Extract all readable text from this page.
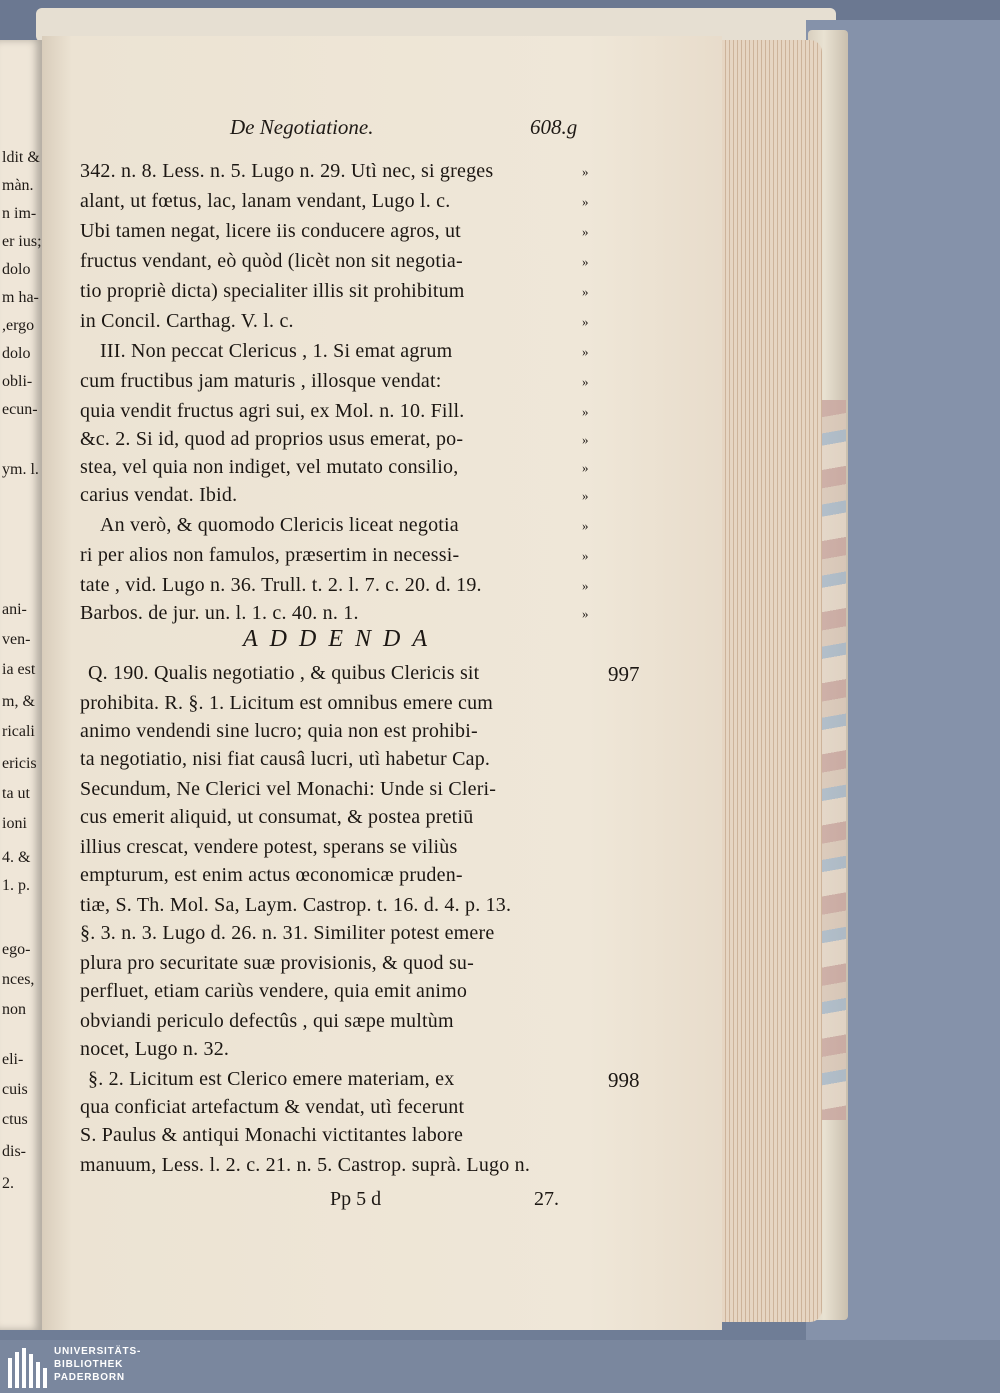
ldit &
màn.
n im-
er ius;
dolo
m ha-
,ergo
dolo
obli-
ecun-
ym. l.
ani-
ven-
ia est
m, &
ricali
ericis
ta ut
ioni
4. &
1. p.
ego-
nces,
non
eli-
cuis
ctus
dis-
2.
De Negotiatione.	608.g
342. n. 8. Less. n. 5. Lugo n. 29. Utì nec, si greges
alant, ut fœtus, lac, lanam vendant, Lugo l. c.
Ubi tamen negat, licere iis conducere agros, ut
fructus vendant, eò quòd (licèt non sit negotia-
tio propriè dicta) specialiter illis sit prohibitum
in Concil. Carthag. V. l. c.
III. Non peccat Clericus , 1. Si emat agrum
cum fructibus jam maturis , illosque vendat:
quia vendit fructus agri sui, ex Mol. n. 10. Fill.
&c. 2. Si id, quod ad proprios usus emerat, po-
stea, vel quia non indiget, vel mutato consilio,
carius vendat. Ibid.
An verò, & quomodo Clericis liceat negotia
ri per alios non famulos, præsertim in necessi-
tate , vid. Lugo n. 36. Trull. t. 2. l. 7. c. 20. d. 19.
Barbos. de jur. un. l. 1. c. 40. n. 1.
Q. 190. Qualis negotiatio , & quibus Clericis sit
prohibita. R. §. 1. Licitum est omnibus emere cum
animo vendendi sine lucro; quia non est prohibi-
ta negotiatio, nisi fiat causâ lucri, utì habetur Cap.
Secundum, Ne Clerici vel Monachi: Unde si Cleri-
cus emerit aliquid, ut consumat, & postea pretiū
illius crescat, vendere potest, sperans se viliùs
empturum, est enim actus œconomicæ pruden-
tiæ, S. Th. Mol. Sa, Laym. Castrop. t. 16. d. 4. p. 13.
§. 3. n. 3. Lugo d. 26. n. 31. Similiter potest emere
plura pro securitate suæ provisionis, & quod su-
perfluet, etiam cariùs vendere, quia emit animo
obviandi periculo defectûs , qui sæpe multùm
nocet, Lugo n. 32.
§. 2. Licitum est Clerico emere materiam, ex
qua conficiat artefactum & vendat, utì fecerunt
S. Paulus & antiqui Monachi victitantes labore
manuum, Less. l. 2. c. 21. n. 5. Castrop. suprà. Lugo n.
»
»
»
»
»
»
»
»
»
»
»
»
»
»
»
»
ADDENDA
997
998
Pp 5 d	27.
UNIVERSITÄTS-
BIBLIOTHEK
PADERBORN
